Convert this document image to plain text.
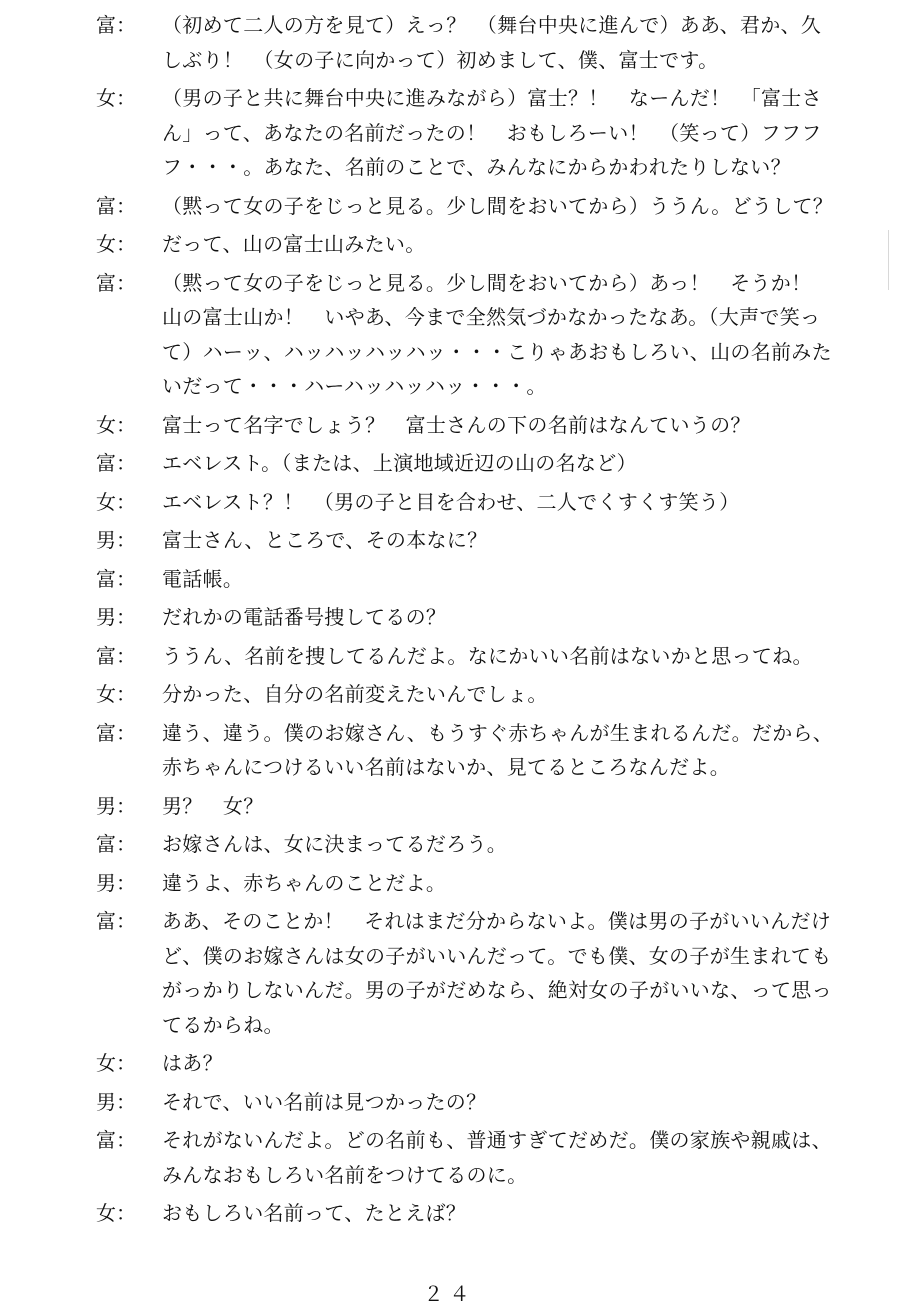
富：	（初めて二人の方を見て）えっ？　（舞台中央に進んで）ああ、君か、久
しぶり！　（女の子に向かって）初めまして、僕、富士です。
女：	（男の子と共に舞台中央に進みながら）富士？！　なーんだ！　「富士さ
ん」って、あなたの名前だったの！　おもしろーい！　（笑って）フフフ
フ・・・。あなた、名前のことで、みんなにからかわれたりしない？
富：	（黙って女の子をじっと見る。少し間をおいてから）ううん。どうして？
女：	だって、山の富士山みたい。
富：	（黙って女の子をじっと見る。少し間をおいてから）あっ！　そうか！
山の富士山か！　いやあ、今まで全然気づかなかったなあ。（大声で笑っ
て）ハーッ、ハッハッハッハッ・・・こりゃあおもしろい、山の名前みた
いだって・・・ハーハッハッハッ・・・。
女：	富士って名字でしょう？　富士さんの下の名前はなんていうの？
富：	エベレスト。（または、上演地域近辺の山の名など）
女：	エベレスト？！　（男の子と目を合わせ、二人でくすくす笑う）
男：	富士さん、ところで、その本なに？
富：	電話帳。
男：	だれかの電話番号捜してるの？
富：	ううん、名前を捜してるんだよ。なにかいい名前はないかと思ってね。
女：	分かった、自分の名前変えたいんでしょ。
富：	違う、違う。僕のお嫁さん、もうすぐ赤ちゃんが生まれるんだ。だから、
赤ちゃんにつけるいい名前はないか、見てるところなんだよ。
男：	男？　女？
富：	お嫁さんは、女に決まってるだろう。
男：	違うよ、赤ちゃんのことだよ。
富：	ああ、そのことか！　それはまだ分からないよ。僕は男の子がいいんだけ
ど、僕のお嫁さんは女の子がいいんだって。でも僕、女の子が生まれても
がっかりしないんだ。男の子がだめなら、絶対女の子がいいな、って思っ
てるからね。
女：	はあ？
男：	それで、いい名前は見つかったの？
富：	それがないんだよ。どの名前も、普通すぎてだめだ。僕の家族や親戚は、
みんなおもしろい名前をつけてるのに。
女：	おもしろい名前って、たとえば？
２４
